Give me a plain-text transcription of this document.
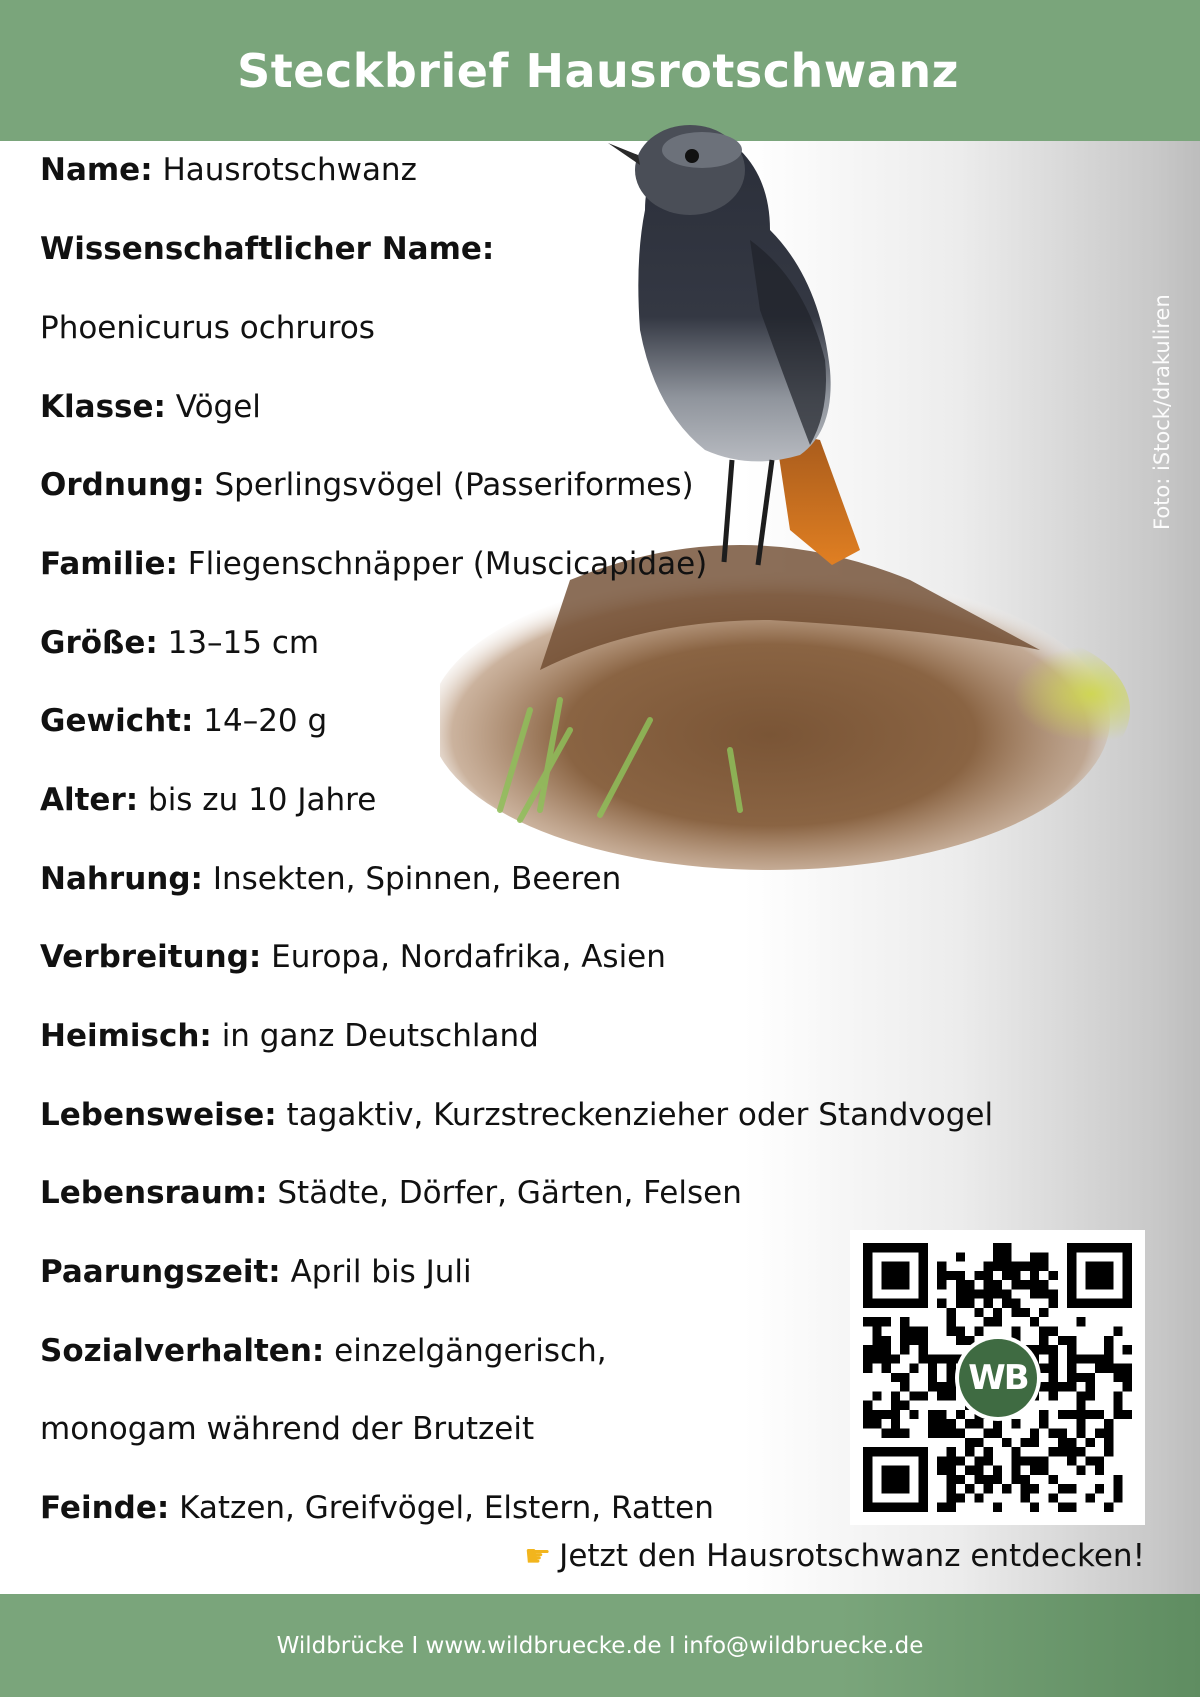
Steckbrief Hausrotschwanz
Name: Hausrotschwanz
Wissenschaftlicher Name:
Phoenicurus ochruros
Klasse: Vögel
Ordnung: Sperlingsvögel (Passeriformes)
Familie: Fliegenschnäpper (Muscicapidae)
Größe: 13–15 cm
Gewicht: 14–20 g
Alter: bis zu 10 Jahre
Nahrung: Insekten, Spinnen, Beeren
Verbreitung: Europa, Nordafrika, Asien
Heimisch: in ganz Deutschland
Lebensweise: tagaktiv, Kurzstreckenzieher oder Standvogel
Lebensraum: Städte, Dörfer, Gärten, Felsen
Paarungszeit: April bis Juli
Sozialverhalten: einzelgängerisch,
monogam während der Brutzeit
Feinde: Katzen, Greifvögel, Elstern, Ratten
Foto: iStock/drakuliren
WB
☛ Jetzt den Hausrotschwanz entdecken!
Wildbrücke I www.wildbruecke.de I info@wildbruecke.de
